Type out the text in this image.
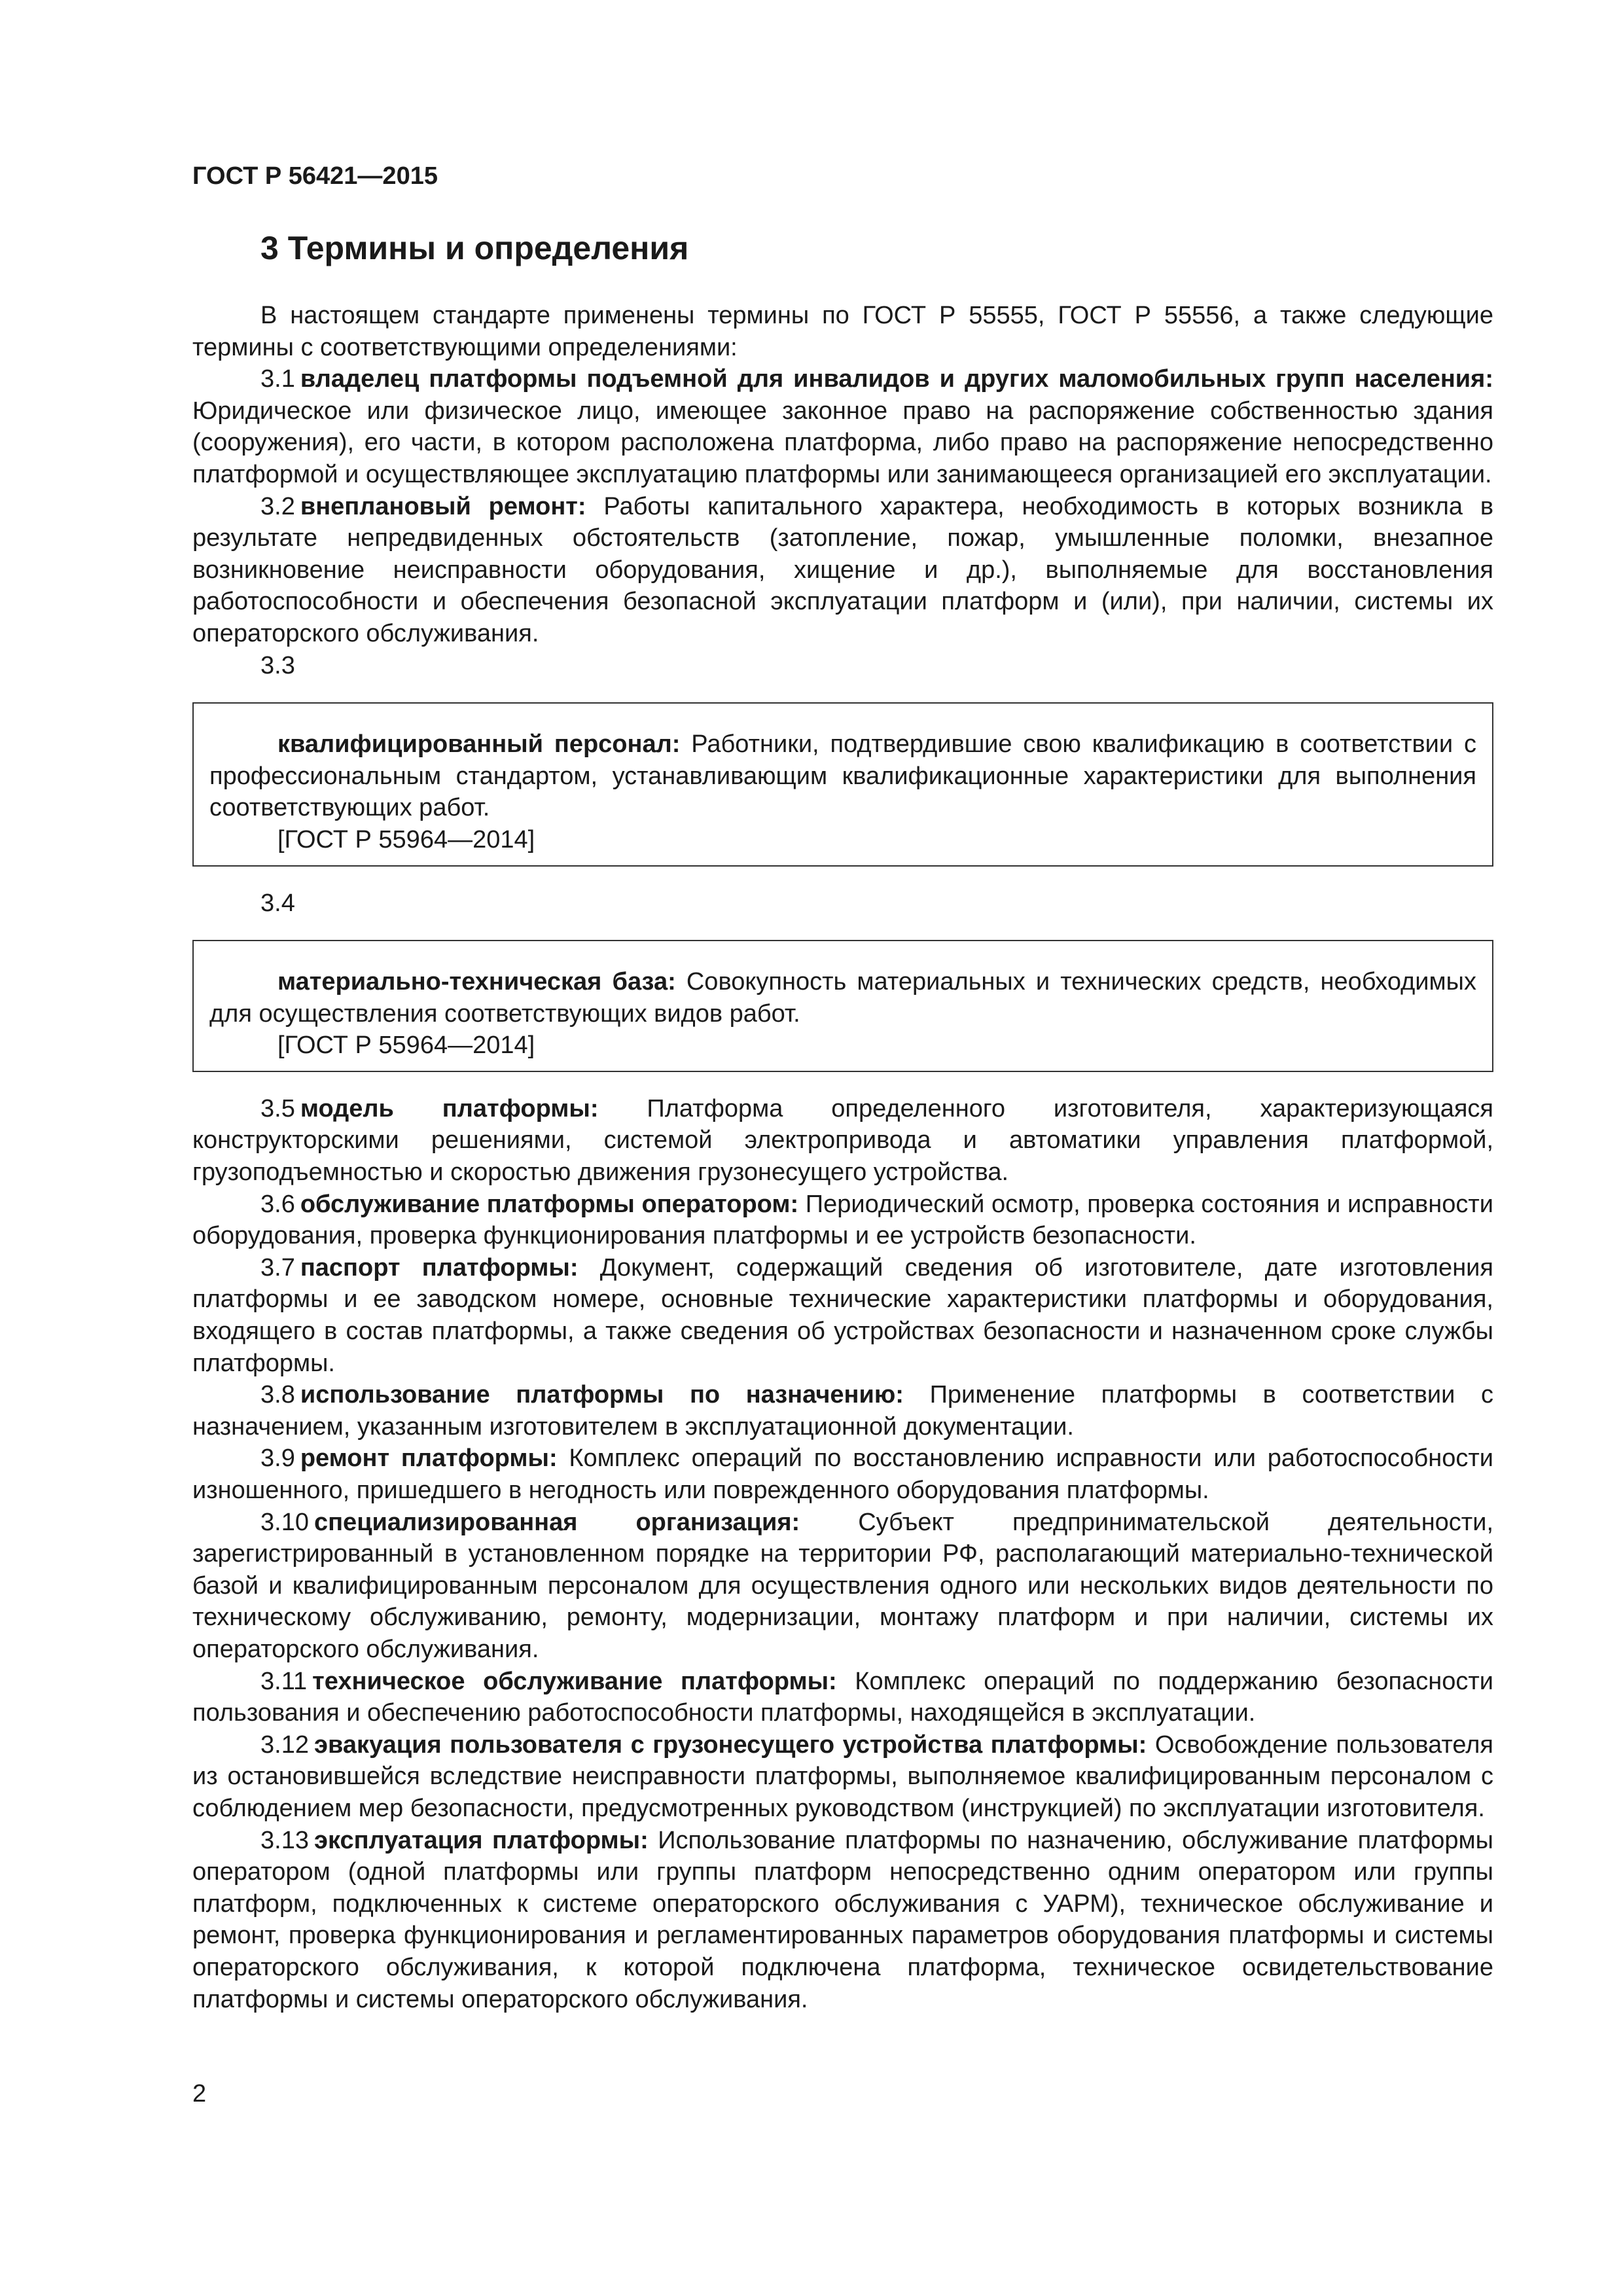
ГОСТ Р 56421—2015
3 Термины и определения

В настоящем стандарте применены термины по ГОСТ Р 55555, ГОСТ Р 55556, а также следующие термины с соответствующими определениями:

3.1 владелец платформы подъемной для инвалидов и других маломобильных групп населения: Юридическое или физическое лицо, имеющее законное право на распоряжение собственностью здания (сооружения), его части, в котором расположена платформа, либо право на распоряжение непосредственно платформой и осуществляющее эксплуатацию платформы или занимающееся организацией его эксплуатации.

3.2 внеплановый ремонт: Работы капитального характера, необходимость в которых возникла в результате непредвиденных обстоятельств (затопление, пожар, умышленные поломки, внезапное возникновение неисправности оборудования, хищение и др.), выполняемые для восстановления работоспособности и обеспечения безопасной эксплуатации платформ и (или), при наличии, системы их операторского обслуживания.

3.3

квалифицированный персонал: Работники, подтвердившие свою квалификацию в соответствии с профессиональным стандартом, устанавливающим квалификационные характеристики для выполнения соответствующих работ.

[ГОСТ Р 55964—2014]

3.4

материально-техническая база: Совокупность материальных и технических средств, необходимых для осуществления соответствующих видов работ.

[ГОСТ Р 55964—2014]

3.5 модель платформы: Платформа определенного изготовителя, характеризующаяся конструкторскими решениями, системой электропривода и автоматики управления платформой, грузоподъемностью и скоростью движения грузонесущего устройства.

3.6 обслуживание платформы оператором: Периодический осмотр, проверка состояния и исправности оборудования, проверка функционирования платформы и ее устройств безопасности.

3.7 паспорт платформы: Документ, содержащий сведения об изготовителе, дате изготовления платформы и ее заводском номере, основные технические характеристики платформы и оборудования, входящего в состав платформы, а также сведения об устройствах безопасности и назначенном сроке службы платформы.

3.8 использование платформы по назначению: Применение платформы в соответствии с назначением, указанным изготовителем в эксплуатационной документации.

3.9 ремонт платформы: Комплекс операций по восстановлению исправности или работоспособности изношенного, пришедшего в негодность или поврежденного оборудования платформы.

3.10 специализированная организация: Субъект предпринимательской деятельности, зарегистрированный в установленном порядке на территории РФ, располагающий материально-технической базой и квалифицированным персоналом для осуществления одного или нескольких видов деятельности по техническому обслуживанию, ремонту, модернизации, монтажу платформ и при наличии, системы их операторского обслуживания.

3.11 техническое обслуживание платформы: Комплекс операций по поддержанию безопасности пользования и обеспечению работоспособности платформы, находящейся в эксплуатации.

3.12 эвакуация пользователя с грузонесущего устройства платформы: Освобождение пользователя из остановившейся вследствие неисправности платформы, выполняемое квалифицированным персоналом с соблюдением мер безопасности, предусмотренных руководством (инструкцией) по эксплуатации изготовителя.

3.13 эксплуатация платформы: Использование платформы по назначению, обслуживание платформы оператором (одной платформы или группы платформ непосредственно одним оператором или группы платформ, подключенных к системе операторского обслуживания с УАРМ), техническое обслуживание и ремонт, проверка функционирования и регламентированных параметров оборудования платформы и системы операторского обслуживания, к которой подключена платформа, техническое освидетельствование платформы и системы операторского обслуживания.

2
